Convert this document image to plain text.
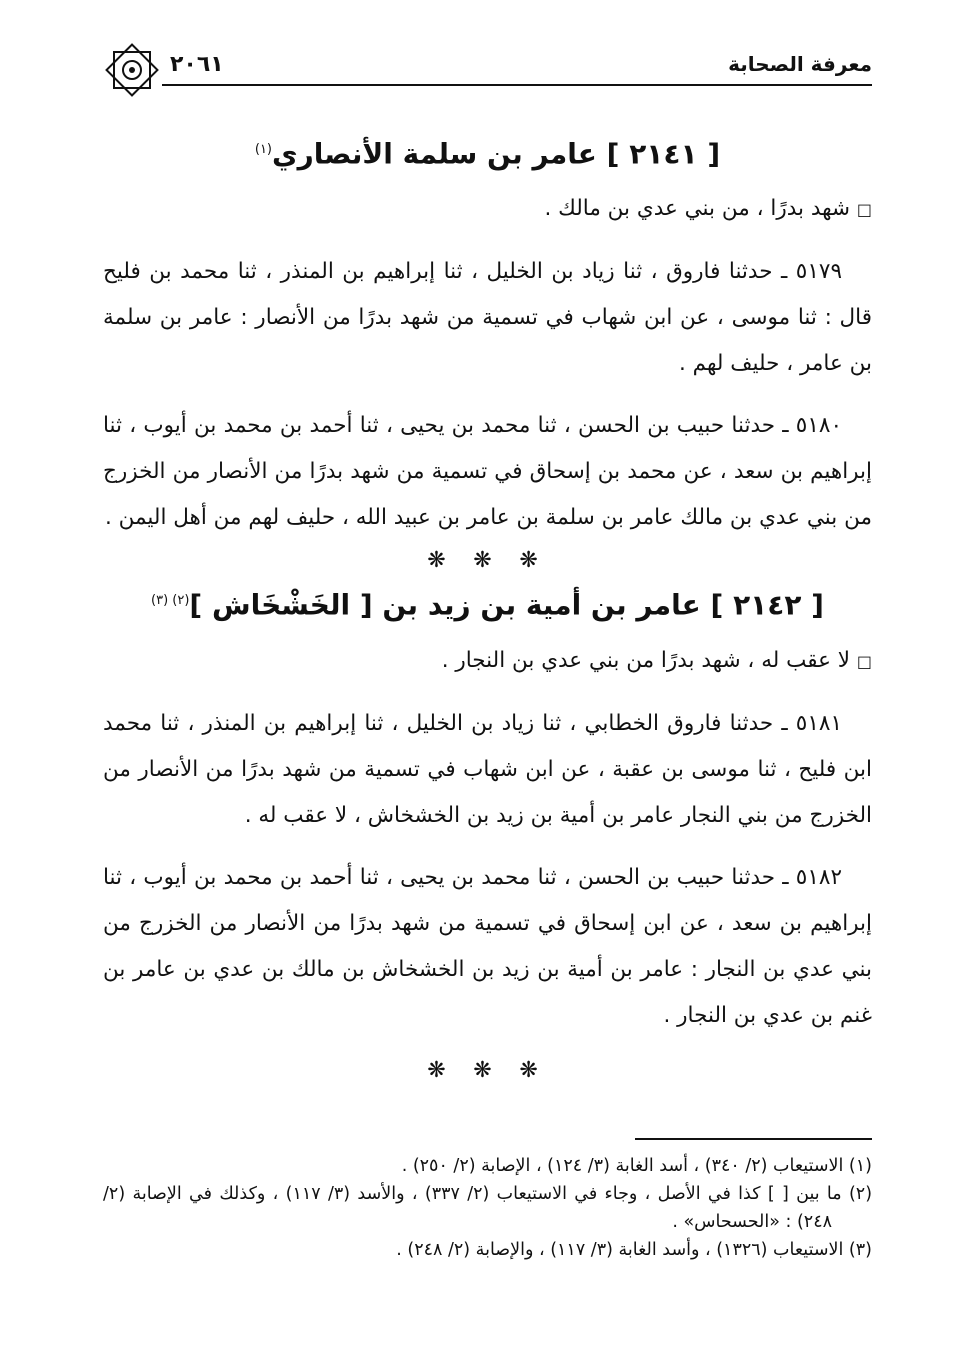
معرفة الصحابة
٢٠٦١
[ ٢١٤١ ] عامر بن سلمة الأنصاري$^{(١)}$

□ شهد بدرًا ، من بني عدي بن مالك .

٥١٧٩ ـ حدثنا فاروق ، ثنا زياد بن الخليل ، ثنا إبراهيم بن المنذر ، ثنا محمد بن فليح قال : ثنا موسى ، عن ابن شهاب في تسمية من شهد بدرًا من الأنصار : عامر بن سلمة بن عامر ، حليف لهم .

٥١٨٠ ـ حدثنا حبيب بن الحسن ، ثنا محمد بن يحيى ، ثنا أحمد بن محمد بن أيوب ، ثنا إبراهيم بن سعد ، عن محمد بن إسحاق في تسمية من شهد بدرًا من الأنصار من الخزرج من بني عدي بن مالك عامر بن سلمة بن عامر بن عبيد الله ، حليف لهم من أهل اليمن .

❋ ❋ ❋
[ ٢١٤٢ ] عامر بن أمية بن زيد بن [ الخَشْخَاش ]$^{(٢) (٣)}$

□ لا عقب له ، شهد بدرًا من بني عدي بن النجار .

٥١٨١ ـ حدثنا فاروق الخطابي ، ثنا زياد بن الخليل ، ثنا إبراهيم بن المنذر ، ثنا محمد ابن فليح ، ثنا موسى بن عقبة ، عن ابن شهاب في تسمية من شهد بدرًا من الأنصار من الخزرج من بني النجار عامر بن أمية بن زيد بن الخشخاش ، لا عقب له .

٥١٨٢ ـ حدثنا حبيب بن الحسن ، ثنا محمد بن يحيى ، ثنا أحمد بن محمد بن أيوب ، ثنا إبراهيم بن سعد ، عن ابن إسحاق في تسمية من شهد بدرًا من الأنصار من الخزرج من بني عدي بن النجار : عامر بن أمية بن زيد بن الخشخاش بن مالك بن عدي بن عامر بن غنم بن عدي بن النجار .

❋ ❋ ❋

(١) الاستيعاب (٢/ ٣٤٠) ، أسد الغابة (٣/ ١٢٤) ، الإصابة (٢/ ٢٥٠) .

(٢) ما بين [ ] كذا في الأصل ، وجاء في الاستيعاب (٢/ ٣٣٧) ، والأسد (٣/ ١١٧) ، وكذلك في الإصابة (٢/ ٢٤٨) : «الحسحاس» .

(٣) الاستيعاب (١٣٢٦) ، وأسد الغابة (٣/ ١١٧) ، والإصابة (٢/ ٢٤٨) .
